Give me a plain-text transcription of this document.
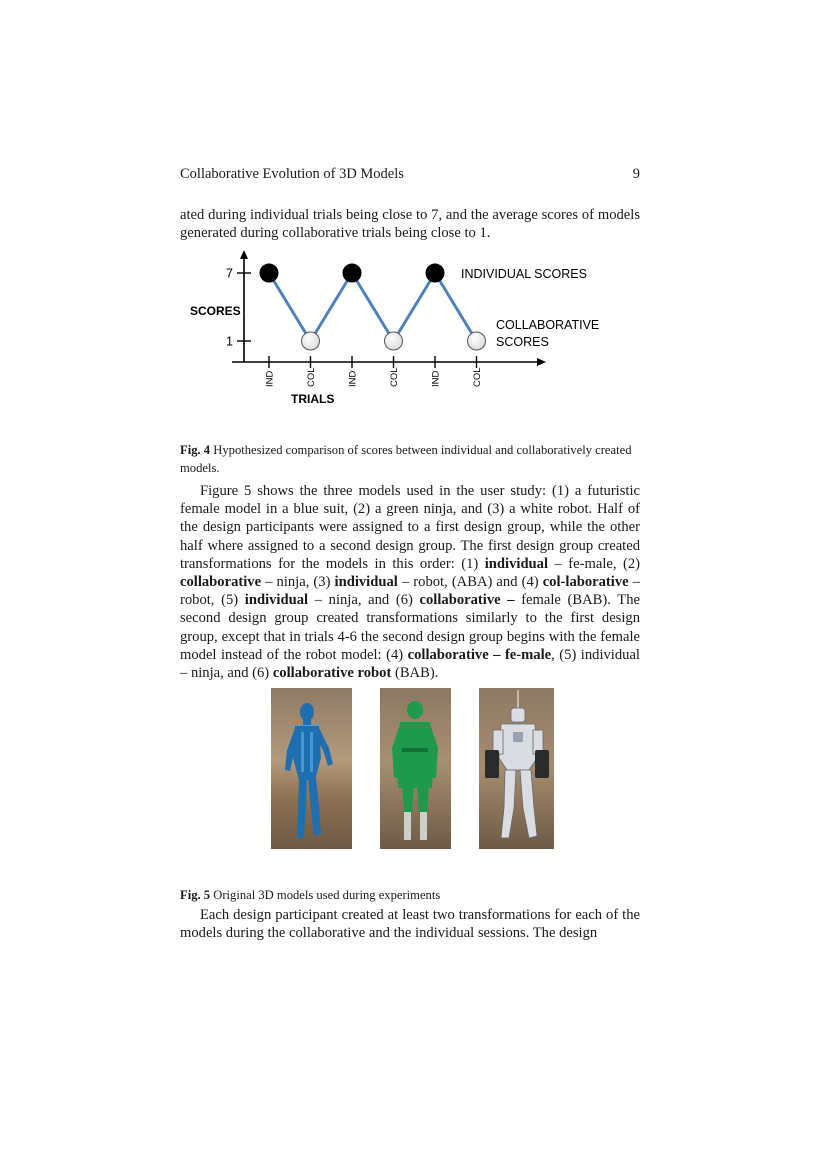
Collaborative Evolution of 3D Models	9

ated during individual trials being close to 7, and the average scores of models generated during collaborative trials being close to 1.

Fig. 4 Hypothesized comparison of scores between individual and collaboratively created models.

Figure 5 shows the three models used in the user study: (1) a futuristic female model in a blue suit, (2) a green ninja, and (3) a white robot. Half of the design participants were assigned to a first design group, while the other half where assigned to a second design group. The first design group created transformations for the models in this order: (1) individual – fe-male, (2) collaborative – ninja, (3) individual – robot, (ABA) and (4) col-laborative – robot, (5) individual – ninja, and (6) collaborative – female (BAB). The second design group created transformations similarly to the first design group, except that in trials 4-6 the second design group begins with the female model instead of the robot model: (4) collaborative – fe-male, (5) individual – ninja, and (6) collaborative robot (BAB).

Fig. 5 Original 3D models used during experiments

Each design participant created at least two transformations for each of the models during the collaborative and the individual sessions. The design

7
1
IND	COL	IND	COL	IND	COL
SCORES
TRIALS
INDIVIDUAL SCORES
COLLABORATIVE
SCORES
